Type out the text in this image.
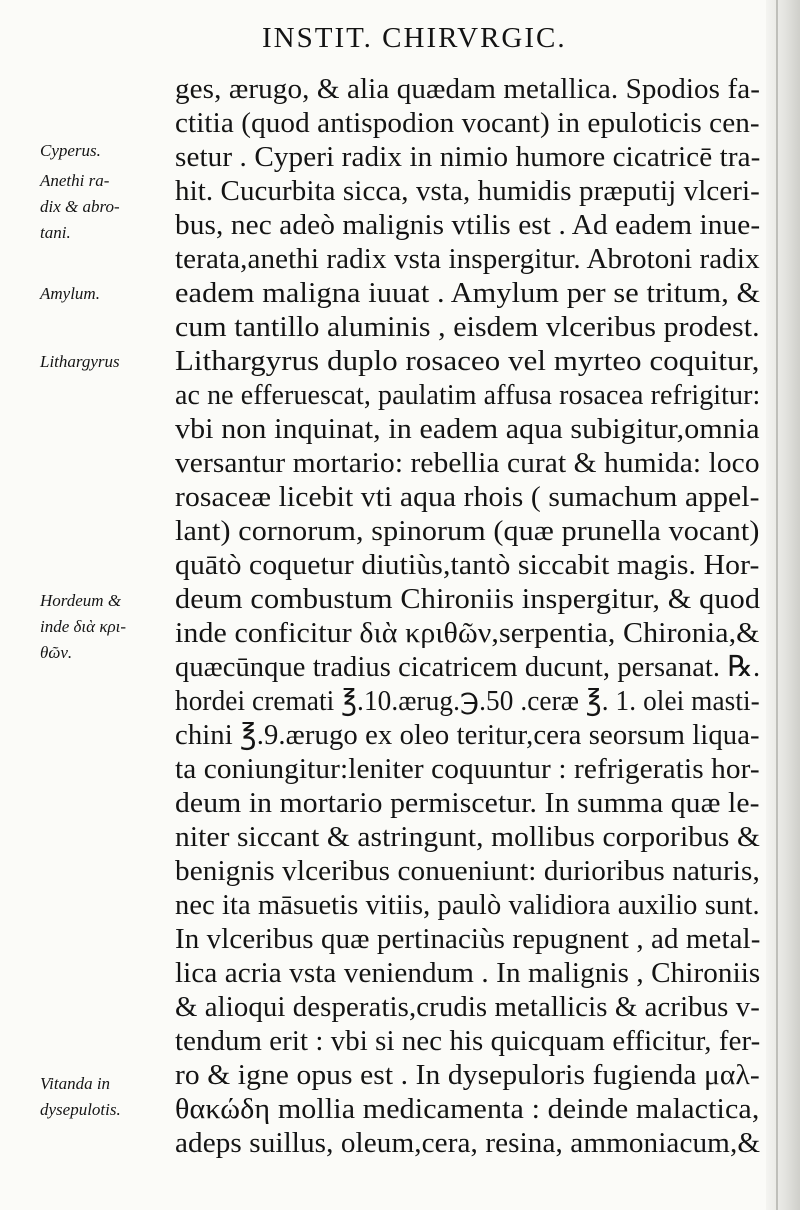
INSTIT. CHIRVRGIC.
ges, ærugo, & alia quædam metallica. Spodios fa-
ctitia (quod antispodion vocant) in epuloticis cen-
setur . Cyperi radix in nimio humore cicatricē tra-
hit. Cucurbita sicca, vsta, humidis præputij vlceri-
bus, nec adeò malignis vtilis est . Ad eadem inue-
terata,anethi radix vsta inspergitur. Abrotoni radix
eadem maligna iuuat . Amylum per se tritum, &
cum tantillo aluminis , eisdem vlceribus prodest.
Lithargyrus duplo rosaceo vel myrteo coquitur,
ac ne efferuescat, paulatim affusa rosacea refrigitur:
vbi non inquinat, in eadem aqua subigitur,omnia
versantur mortario: rebellia curat & humida: loco
rosaceæ licebit vti aqua rhois ( sumachum appel-
lant) cornorum, spinorum (quæ prunella vocant)
quātò coquetur diutiùs,tantò siccabit magis. Hor-
deum combustum Chironiis inspergitur, & quod
inde conficitur διὰ κριθῶν,serpentia, Chironia,&
quæcūnque tradius cicatricem ducunt, persanat. ℞.
hordei cremati ℥.10.ærug.℈.50 .ceræ ℥. 1. olei masti-
chini ℥.9.ærugo ex oleo teritur,cera seorsum liqua-
ta coniungitur:leniter coquuntur : refrigeratis hor-
deum in mortario permiscetur. In summa quæ le-
niter siccant & astringunt, mollibus corporibus &
benignis vlceribus conueniunt: durioribus naturis,
nec ita māsuetis vitiis, paulò validiora auxilio sunt.
In vlceribus quæ pertinaciùs repugnent , ad metal-
lica acria vsta veniendum . In malignis , Chironiis
& alioqui desperatis,crudis metallicis & acribus v-
tendum erit : vbi si nec his quicquam efficitur, fer-
ro & igne opus est . In dysepuloris fugienda μαλ-
θακώδη mollia medicamenta : deinde malactica,
adeps suillus, oleum,cera, resina, ammoniacum,&
Cyperus.
Anethi ra-
dix & abro-
tani.
Amylum.
Lithargyrus
Hordeum &
inde διὰ κρι-
θῶν.
Vitanda in
dysepulotis.
